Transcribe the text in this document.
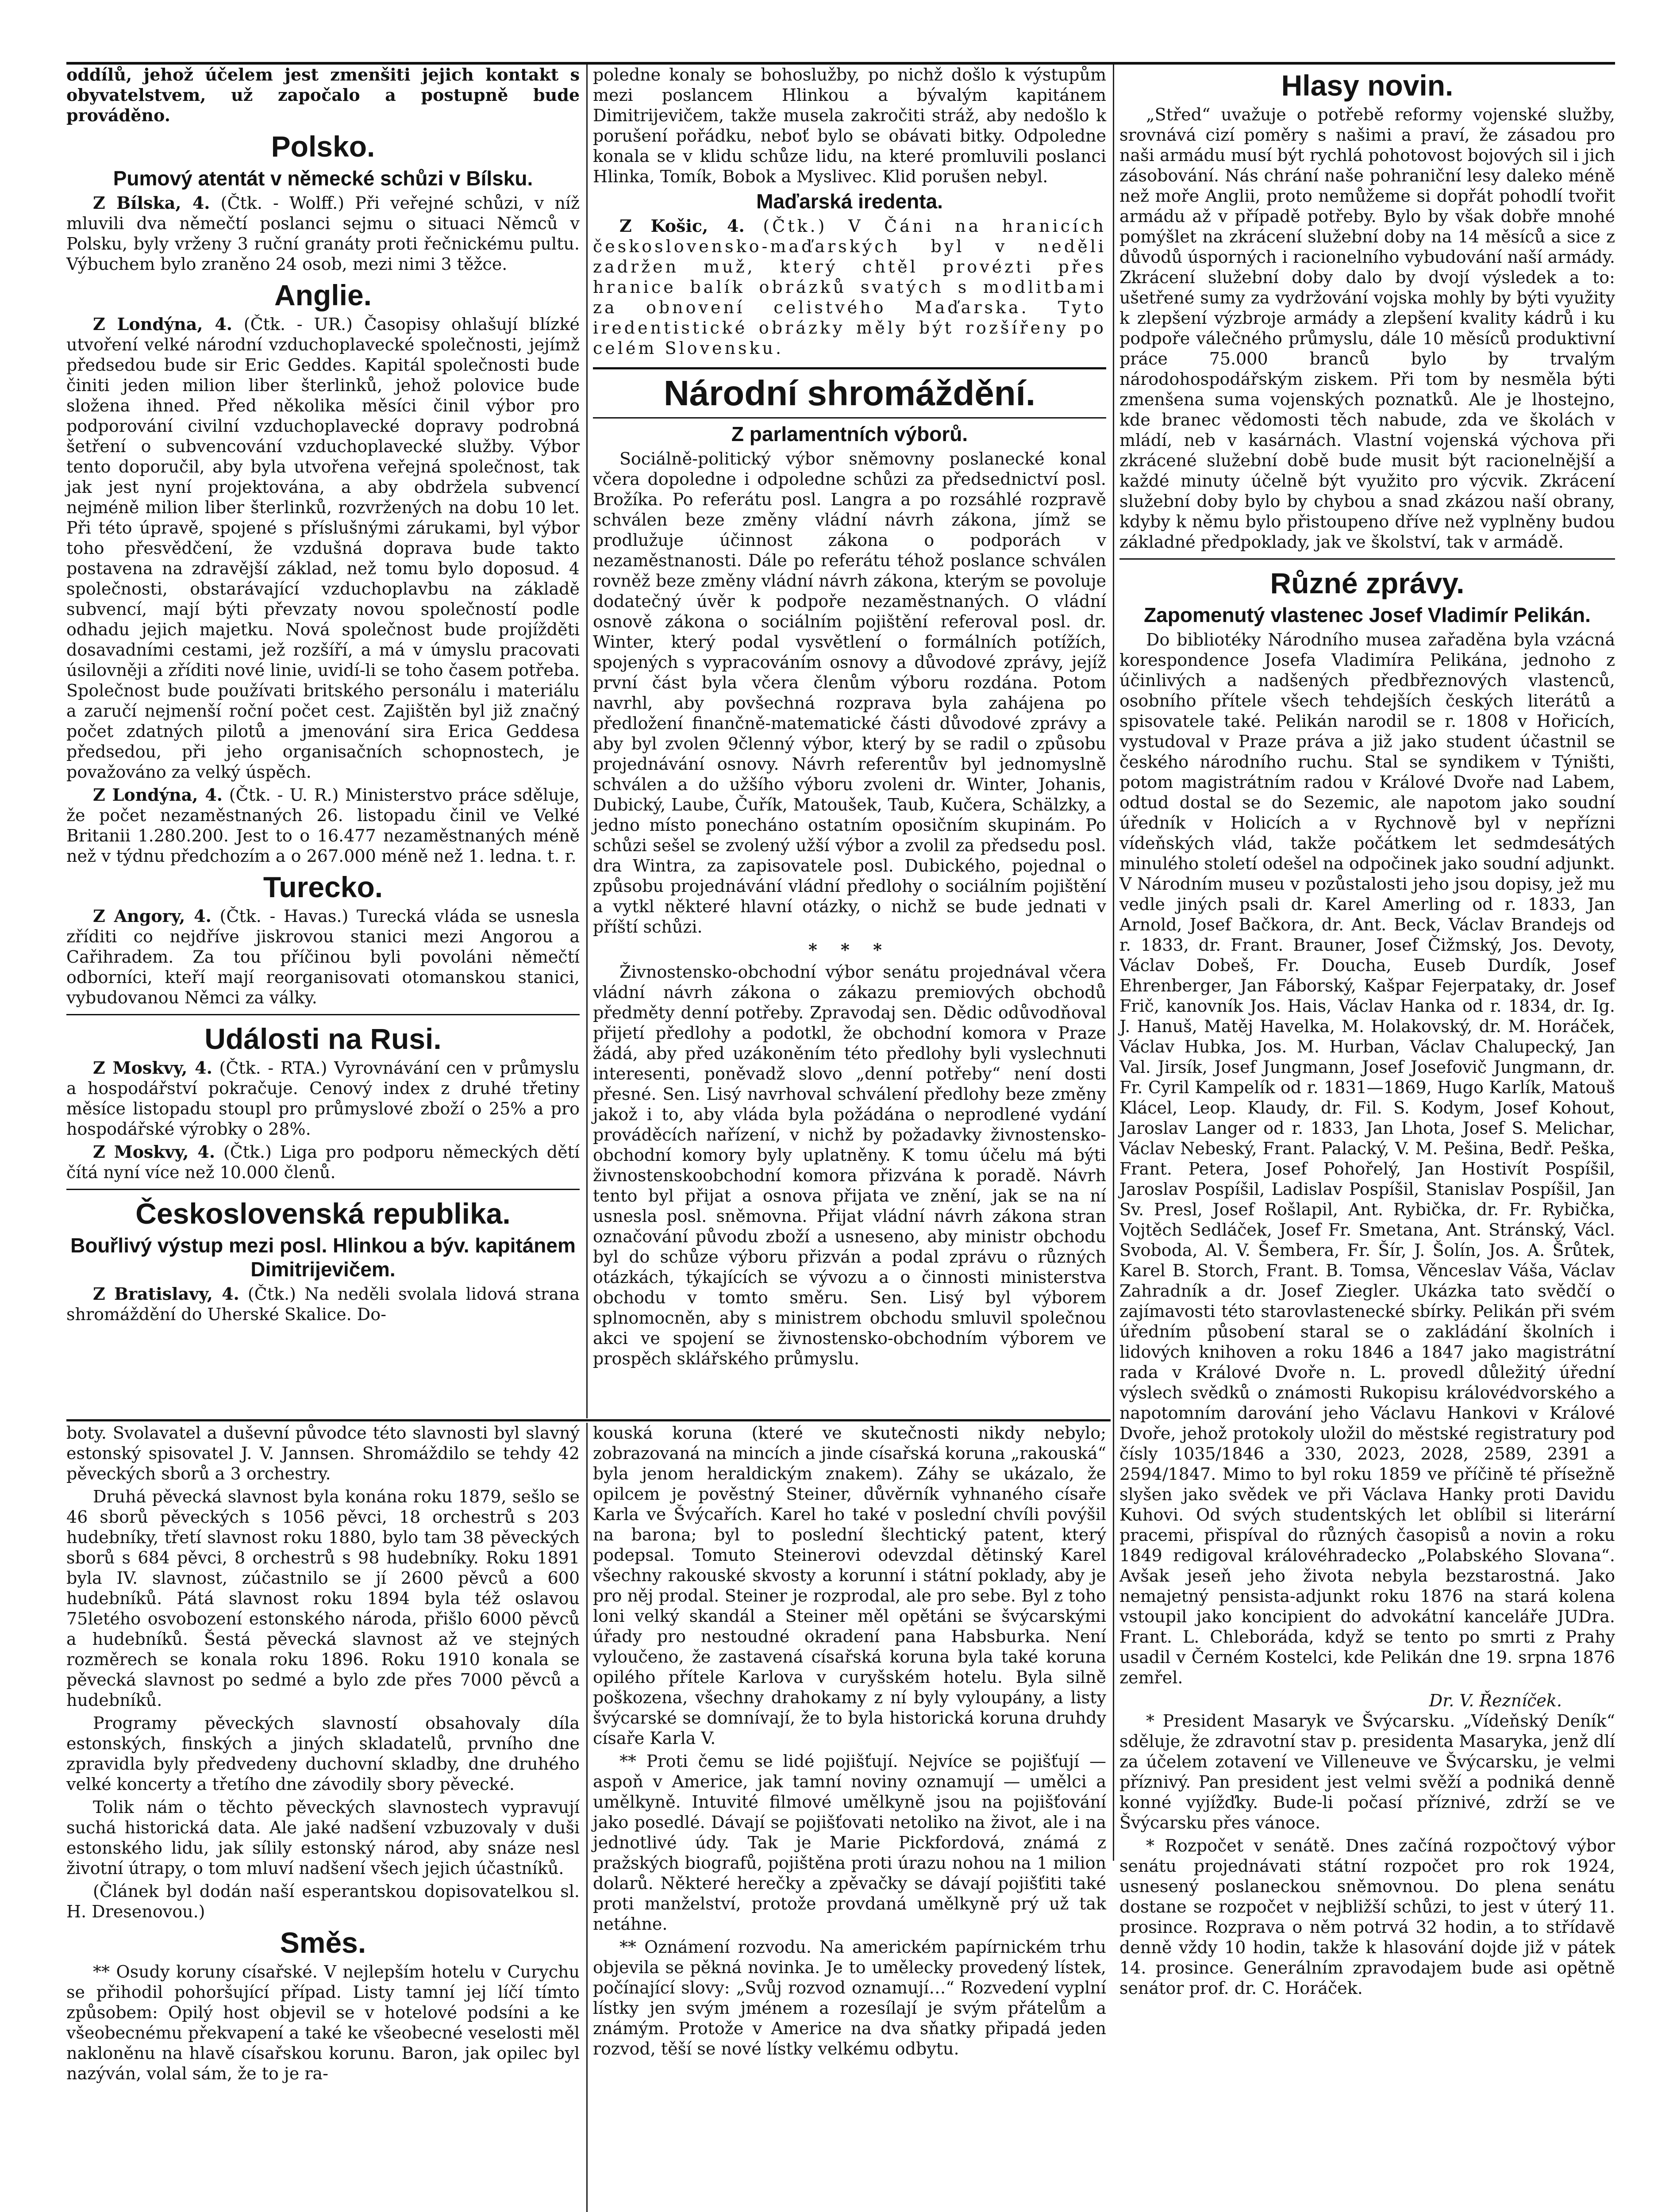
oddílů, jehož účelem jest zmenšiti jejich kontakt s obyvatelstvem, už započalo a postupně bude prováděno.

Polsko.
Pumový atentát v německé schůzi v Bílsku.

Z Bílska, 4. (Čtk. - Wolff.) Při veřejné schůzi, v níž mluvili dva němečtí poslanci sejmu o situaci Němců v Polsku, byly vrženy 3 ruční granáty proti řečnickému pultu. Výbuchem bylo zraněno 24 osob, mezi nimi 3 těžce.

Anglie.

Z Londýna, 4. (Čtk. - UR.) Časopisy ohlašují blízké utvoření velké národní vzduchoplavecké společnosti, jejímž předsedou bude sir Eric Geddes. Kapitál společnosti bude činiti jeden milion liber šterlinků, jehož polovice bude složena ihned. Před několika měsíci činil výbor pro podporování civilní vzduchoplavecké dopravy podrobná šetření o subvencování vzduchoplavecké služby. Výbor tento doporučil, aby byla utvořena veřejná společnost, tak jak jest nyní projektována, a aby obdržela subvencí nejméně milion liber šterlinků, rozvržených na dobu 10 let. Při této úpravě, spojené s příslušnými zárukami, byl výbor toho přesvědčení, že vzdušná doprava bude takto postavena na zdravější základ, než tomu bylo doposud. 4 společnosti, obstarávající vzduchoplavbu na základě subvencí, mají býti převzaty novou společností podle odhadu jejich majetku. Nová společnost bude projížděti dosavadními cestami, jež rozšíří, a má v úmyslu pracovati úsilovněji a zříditi nové linie, uvidí-li se toho časem potřeba. Společnost bude používati britského personálu i materiálu a zaručí nejmenší roční počet cest. Zajištěn byl již značný počet zdatných pilotů a jmenování sira Erica Geddesa předsedou, při jeho organisačních schopnostech, je považováno za velký úspěch.

Z Londýna, 4. (Čtk. - U. R.) Ministerstvo práce sděluje, že počet nezaměstnaných 26. listopadu činil ve Velké Britanii 1.280.200. Jest to o 16.477 nezaměstnaných méně než v týdnu předchozím a o 267.000 méně než 1. ledna. t. r.

Turecko.

Z Angory, 4. (Čtk. - Havas.) Turecká vláda se usnesla zříditi co nejdříve jiskrovou stanici mezi Angorou a Cařihradem. Za tou příčinou byli povoláni němečtí odborníci, kteří mají reorganisovati otomanskou stanici, vybudovanou Němci za války.

Události na Rusi.

Z Moskvy, 4. (Čtk. - RTA.) Vyrovnávání cen v průmyslu a hospodářství pokračuje. Cenový index z druhé třetiny měsíce listopadu stoupl pro průmyslové zboží o 25% a pro hospodářské výrobky o 28%.

Z Moskvy, 4. (Čtk.) Liga pro podporu německých dětí čítá nyní více než 10.000 členů.

Československá republika.
Bouřlivý výstup mezi posl. Hlinkou a býv. kapitánem Dimitrijevičem.

Z Bratislavy, 4. (Čtk.) Na neděli svolala lidová strana shromáždění do Uherské Skalice. Do-

poledne konaly se bohoslužby, po nichž došlo k výstupům mezi poslancem Hlinkou a bývalým kapitánem Dimitrijevičem, takže musela zakročiti stráž, aby nedošlo k porušení pořádku, neboť bylo se obávati bitky. Odpoledne konala se v klidu schůze lidu, na které promluvili poslanci Hlinka, Tomík, Bobok a Myslivec. Klid porušen nebyl.

Maďarská iredenta.

Z Košic, 4. (Čtk.) V Čáni na hranicích československo-maďarských byl v neděli zadržen muž, který chtěl provézti přes hranice balík obrázků svatých s modlitbami za obnovení celistvého Maďarska. Tyto iredentistické obrázky měly být rozšířeny po celém Slovensku.

Národní shromáždění.
Z parlamentních výborů.

Sociálně-politický výbor sněmovny poslanecké konal včera dopoledne i odpoledne schůzi za předsednictví posl. Brožíka. Po referátu posl. Langra a po rozsáhlé rozpravě schválen beze změny vládní návrh zákona, jímž se prodlužuje účinnost zákona o podporách v nezaměstnanosti. Dále po referátu téhož poslance schválen rovněž beze změny vládní návrh zákona, kterým se povoluje dodatečný úvěr k podpoře nezaměstnaných. O vládní osnově zákona o sociálním pojištění referoval posl. dr. Winter, který podal vysvětlení o formálních potížích, spojených s vypracováním osnovy a důvodové zprávy, jejíž první část byla včera členům výboru rozdána. Potom navrhl, aby povšechná rozprava byla zahájena po předložení finančně-matematické části důvodové zprávy a aby byl zvolen 9členný výbor, který by se radil o způsobu projednávání osnovy. Návrh referentův byl jednomyslně schválen a do užšího výboru zvoleni dr. Winter, Johanis, Dubický, Laube, Čuřík, Matoušek, Taub, Kučera, Schälzky, a jedno místo ponecháno ostatním oposičním skupinám. Po schůzi sešel se zvolený užší výbor a zvolil za předsedu posl. dra Wintra, za zapisovatele posl. Dubického, pojednal o způsobu projednávání vládní předlohy o sociálním pojištění a vytkl některé hlavní otázky, o nichž se bude jednati v příští schůzi.

* * *

Živnostensko-obchodní výbor senátu projednával včera vládní návrh zákona o zákazu premiových obchodů předměty denní potřeby. Zpravodaj sen. Dědic odůvodňoval přijetí předlohy a podotkl, že obchodní komora v Praze žádá, aby před uzákoněním této předlohy byli vyslechnuti interesenti, poněvadž slovo „denní potřeby“ není dosti přesné. Sen. Lisý navrhoval schválení předlohy beze změny jakož i to, aby vláda byla požádána o neprodlené vydání prováděcích nařízení, v nichž by požadavky živnostensko-obchodní komory byly uplatněny. K tomu účelu má býti živnostenskoobchodní komora přizvána k poradě. Návrh tento byl přijat a osnova přijata ve znění, jak se na ní usnesla posl. sněmovna. Přijat vládní návrh zákona stran označování původu zboží a usneseno, aby ministr obchodu byl do schůze výboru přizván a podal zprávu o různých otázkách, týkajících se vývozu a o činnosti ministerstva obchodu v tomto směru. Sen. Lisý byl výborem splnomocněn, aby s ministrem obchodu smluvil společnou akci ve spojení se živnostensko-obchodním výborem ve prospěch sklářského průmyslu.

Hlasy novin.

„Střed“ uvažuje o potřebě reformy vojenské služby, srovnává cizí poměry s našimi a praví, že zásadou pro naši armádu musí být rychlá pohotovost bojových sil i jich zásobování. Nás chrání naše pohraniční lesy daleko méně než moře Anglii, proto nemůžeme si dopřát pohodlí tvořit armádu až v případě potřeby. Bylo by však dobře mnohé pomýšlet na zkrácení služební doby na 14 měsíců a sice z důvodů úsporných i racionelního vybudování naší armády. Zkrácení služební doby dalo by dvojí výsledek a to: ušetřené sumy za vydržování vojska mohly by býti využity k zlepšení výzbroje armády a zlepšení kvality kádrů i ku podpoře válečného průmyslu, dále 10 měsíců produktivní práce 75.000 branců bylo by trvalým národohospodářským ziskem. Při tom by nesměla býti zmenšena suma vojenských poznatků. Ale je lhostejno, kde branec vědomosti těch nabude, zda ve školách v mládí, neb v kasárnách. Vlastní vojenská výchova při zkrácené služební době bude musit být racionelnější a každé minuty účelně být využito pro výcvik. Zkrácení služební doby bylo by chybou a snad zkázou naší obrany, kdyby k němu bylo přistoupeno dříve než vyplněny budou základné předpoklady, jak ve školství, tak v armádě.

Různé zprávy.
Zapomenutý vlastenec Josef Vladimír Pelikán.

Do bibliotéky Národního musea zařaděna byla vzácná korespondence Josefa Vladimíra Pelikána, jednoho z účinlivých a nadšených předbřeznových vlastenců, osobního přítele všech tehdejších českých literátů a spisovatele také. Pelikán narodil se r. 1808 v Hořicích, vystudoval v Praze práva a již jako student účastnil se českého národního ruchu. Stal se syndikem v Týništi, potom magistrátním radou v Králové Dvoře nad Labem, odtud dostal se do Sezemic, ale napotom jako soudní úředník v Holicích a v Rychnově byl v nepřízni vídeňských vlád, takže počátkem let sedmdesátých minulého století odešel na odpočinek jako soudní adjunkt. V Národním museu v pozůstalosti jeho jsou dopisy, jež mu vedle jiných psali dr. Karel Amerling od r. 1833, Jan Arnold, Josef Bačkora, dr. Ant. Beck, Václav Brandejs od r. 1833, dr. Frant. Brauner, Josef Čižmský, Jos. Devoty, Václav Dobeš, Fr. Doucha, Euseb Durdík, Josef Ehrenberger, Jan Fáborský, Kašpar Fejerpataky, dr. Josef Frič, kanovník Jos. Hais, Václav Hanka od r. 1834, dr. Ig. J. Hanuš, Matěj Havelka, M. Holakovský, dr. M. Horáček, Václav Hubka, Jos. M. Hurban, Václav Chalupecký, Jan Val. Jirsík, Josef Jungmann, Josef Josefovič Jungmann, dr. Fr. Cyril Kampelík od r. 1831—1869, Hugo Karlík, Matouš Klácel, Leop. Klaudy, dr. Fil. S. Kodym, Josef Kohout, Jaroslav Langer od r. 1833, Jan Lhota, Josef S. Melichar, Václav Nebeský, Frant. Palacký, V. M. Pešina, Bedř. Peška, Frant. Petera, Josef Pohořelý, Jan Hostivít Pospíšil, Jaroslav Pospíšil, Ladislav Pospíšil, Stanislav Pospíšil, Jan Sv. Presl, Josef Rošlapil, Ant. Rybička, dr. Fr. Rybička, Vojtěch Sedláček, Josef Fr. Smetana, Ant. Stránský, Václ. Svoboda, Al. V. Šembera, Fr. Šír, J. Šolín, Jos. A. Šrůtek, Karel B. Storch, Frant. B. Tomsa, Věnceslav Váša, Václav Zahradník a dr. Josef Ziegler. Ukázka tato svědčí o zajímavosti této starovlastenecké sbírky. Pelikán při svém úředním působení staral se o zakládání školních i lidových knihoven a roku 1846 a 1847 jako magistrátní rada v Králové Dvoře n. L. provedl důležitý úřední výslech svědků o známosti Rukopisu královédvorského a napotomním darování jeho Václavu Hankovi v Králové Dvoře, jehož protokoly uložil do městské registratury pod čísly 1035/1846 a 330, 2023, 2028, 2589, 2391 a 2594/1847. Mimo to byl roku 1859 ve příčině té přísežně slyšen jako svědek ve při Václava Hanky proti Davidu Kuhovi. Od svých studentských let oblíbil si literární pracemi, přispíval do různých časopisů a novin a roku 1849 redigoval královéhradecko „Polabského Slovana“. Avšak jeseň jeho života nebyla bezstarostná. Jako nemajetný pensista-adjunkt roku 1876 na stará kolena vstoupil jako koncipient do advokátní kanceláře JUDra. Frant. L. Chleboráda, když se tento po smrti z Prahy usadil v Černém Kostelci, kde Pelikán dne 19. srpna 1876 zemřel.

Dr. V. Řezníček.

* President Masaryk ve Švýcarsku. „Vídeňský Deník“ sděluje, že zdravotní stav p. presidenta Masaryka, jenž dlí za účelem zotavení ve Villeneuve ve Švýcarsku, je velmi příznivý. Pan president jest velmi svěží a podniká denně konné vyjížďky. Bude-li počasí příznivé, zdrží se ve Švýcarsku přes vánoce.

* Rozpočet v senátě. Dnes začíná rozpočtový výbor senátu projednávati státní rozpočet pro rok 1924, usnesený poslaneckou sněmovnou. Do plena senátu dostane se rozpočet v nejbližší schůzi, to jest v úterý 11. prosince. Rozprava o něm potrvá 32 hodin, a to střídavě denně vždy 10 hodin, takže k hlasování dojde již v pátek 14. prosince. Generálním zpravodajem bude asi opětně senátor prof. dr. C. Horáček.

boty. Svolavatel a duševní původce této slavnosti byl slavný estonský spisovatel J. V. Jannsen. Shromáždilo se tehdy 42 pěveckých sborů a 3 orchestry.

Druhá pěvecká slavnost byla konána roku 1879, sešlo se 46 sborů pěveckých s 1056 pěvci, 18 orchestrů s 203 hudebníky, třetí slavnost roku 1880, bylo tam 38 pěveckých sborů s 684 pěvci, 8 orchestrů s 98 hudebníky. Roku 1891 byla IV. slavnost, zúčastnilo se jí 2600 pěvců a 600 hudebníků. Pátá slavnost roku 1894 byla též oslavou 75letého osvobození estonského národa, přišlo 6000 pěvců a hudebníků. Šestá pěvecká slavnost až ve stejných rozměrech se konala roku 1896. Roku 1910 konala se pěvecká slavnost po sedmé a bylo zde přes 7000 pěvců a hudebníků.

Programy pěveckých slavností obsahovaly díla estonských, finských a jiných skladatelů, prvního dne zpravidla byly předvedeny duchovní skladby, dne druhého velké koncerty a třetího dne závodily sbory pěvecké.

Tolik nám o těchto pěveckých slavnostech vypravují suchá historická data. Ale jaké nadšení vzbuzovaly v duši estonského lidu, jak sílily estonský národ, aby snáze nesl životní útrapy, o tom mluví nadšení všech jejich účastníků.

(Článek byl dodán naší esperantskou dopisovatelkou sl. H. Dresenovou.)

Směs.

** Osudy koruny císařské. V nejlepším hotelu v Curychu se přihodil pohoršující případ. Listy tamní jej líčí tímto způsobem: Opilý host objevil se v hotelové podsíni a ke všeobecnému překvapení a také ke všeobecné veselosti měl nakloněnu na hlavě císařskou korunu. Baron, jak opilec byl nazýván, volal sám, že to je ra-

kouská koruna (které ve skutečnosti nikdy nebylo; zobrazovaná na mincích a jinde císařská koruna „rakouská“ byla jenom heraldickým znakem). Záhy se ukázalo, že opilcem je pověstný Steiner, důvěrník vyhnaného císaře Karla ve Švýcařích. Karel ho také v poslední chvíli povýšil na barona; byl to poslední šlechtický patent, který podepsal. Tomuto Steinerovi odevzdal dětinský Karel všechny rakouské skvosty a korunní i státní poklady, aby je pro něj prodal. Steiner je rozprodal, ale pro sebe. Byl z toho loni velký skandál a Steiner měl opětáni se švýcarskými úřady pro nestoudné okradení pana Habsburka. Není vyloučeno, že zastavená císařská koruna byla také koruna opilého přítele Karlova v curyšském hotelu. Byla silně poškozena, všechny drahokamy z ní byly vyloupány, a listy švýcarské se domnívají, že to byla historická koruna druhdy císaře Karla V.

** Proti čemu se lidé pojišťují. Nejvíce se pojišťují — aspoň v Americe, jak tamní noviny oznamují — umělci a umělkyně. Intuvité filmové umělkyně jsou na pojišťování jako posedlé. Dávají se pojišťovati netoliko na život, ale i na jednotlivé údy. Tak je Marie Pickfordová, známá z pražských biografů, pojištěna proti úrazu nohou na 1 milion dolarů. Některé herečky a zpěvačky se dávají pojišťiti také proti manželství, protože provdaná umělkyně prý už tak netáhne.

** Oznámení rozvodu. Na americkém papírnickém trhu objevila se pěkná novinka. Je to umělecky provedený lístek, počínající slovy: „Svůj rozvod oznamují…“ Rozvedení vyplní lístky jen svým jménem a rozesílají je svým přátelům a známým. Protože v Americe na dva sňatky připadá jeden rozvod, těší se nové lístky velkému odbytu.
